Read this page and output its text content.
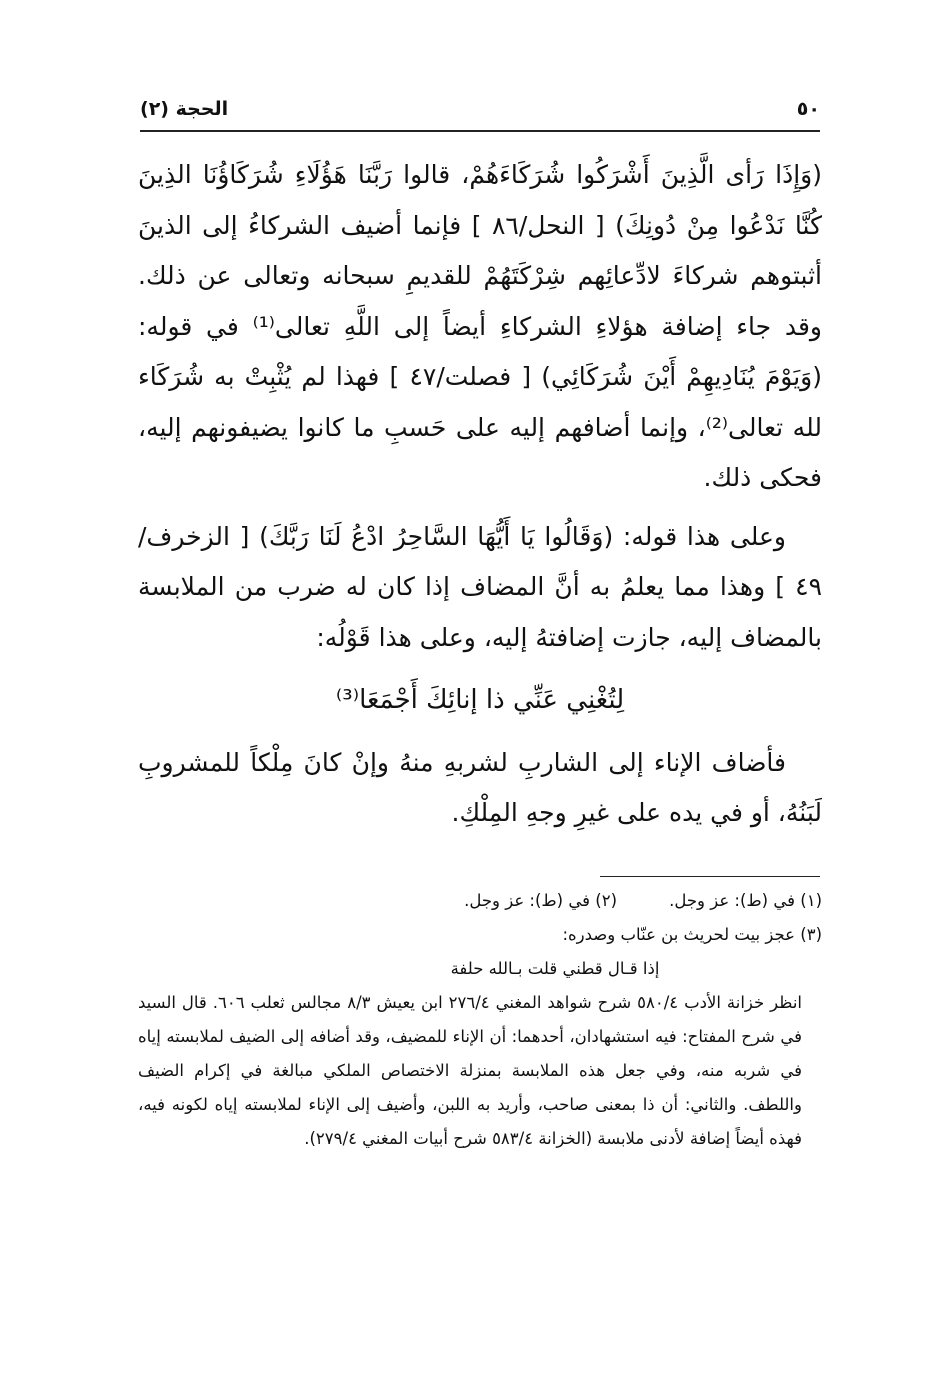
٥٠
الحجة (٢)

(وَإِذَا رَأى الَّذِينَ أَشْرَكُوا شُرَكَاءَهُمْ، قالوا رَبَّنَا هَؤُلَاءِ شُرَكَاؤُنَا الذِينَ كُنَّا نَدْعُوا مِنْ دُونِكَ) [ النحل/٨٦ ] فإنما أضيف الشركاءُ إلى الذينَ أثبتوهم شركاءَ لادِّعائِهم شِرْكَتَهُمْ للقديمِ سبحانه وتعالى عن ذلك. وقد جاء إضافة هؤلاءِ الشركاءِ أيضاً إلى اللَّهِ تعالى⁽¹⁾ في قوله: (وَيَوْمَ يُنَادِيهِمْ أَيْنَ شُرَكَائِي) [ فصلت/٤٧ ] فهذا لم يُثْبِتْ به شُرَكَاء لله تعالى⁽²⁾، وإنما أضافهم إليه على حَسبِ ما كانوا يضيفونهم إليه، فحكى ذلك.

وعلى هذا قوله: (وَقَالُوا يَا أَيُّهَا السَّاحِرُ ادْعُ لَنَا رَبَّكَ) [ الزخرف/٤٩ ] وهذا مما يعلمُ به أنَّ المضاف إذا كان له ضرب من الملابسة بالمضاف إليه، جازت إضافتهُ إليه، وعلى هذا قَوْلُه:

لِتُغْنِي عَنِّي ذا إنائِكَ أَجْمَعَا⁽³⁾

فأضاف الإناء إلى الشاربِ لشربهِ منهُ وإنْ كانَ مِلْكاً للمشروبِ لَبَنُهُ، أو في يده على غيرِ وجهِ المِلْكِ.

(١) في (ط): عز وجل.
(٢) في (ط): عز وجل.
(٣) عجز بيت لحريث بن عنّاب وصدره:
إذا قـال قطني قلت بـالله حلفة
انظر خزانة الأدب ٥٨٠/٤ شرح شواهد المغني ٢٧٦/٤ ابن يعيش ٨/٣ مجالس ثعلب ٦٠٦. قال السيد في شرح المفتاح: فيه استشهادان، أحدهما: أن الإناء للمضيف، وقد أضافه إلى الضيف لملابسته إياه في شربه منه، وفي جعل هذه الملابسة بمنزلة الاختصاص الملكي مبالغة في إكرام الضيف واللطف. والثاني: أن ذا بمعنى صاحب، وأريد به اللبن، وأضيف إلى الإناء لملابسته إياه لكونه فيه، فهذه أيضاً إضافة لأدنى ملابسة (الخزانة ٥٨٣/٤ شرح أبيات المغني ٢٧٩/٤).
